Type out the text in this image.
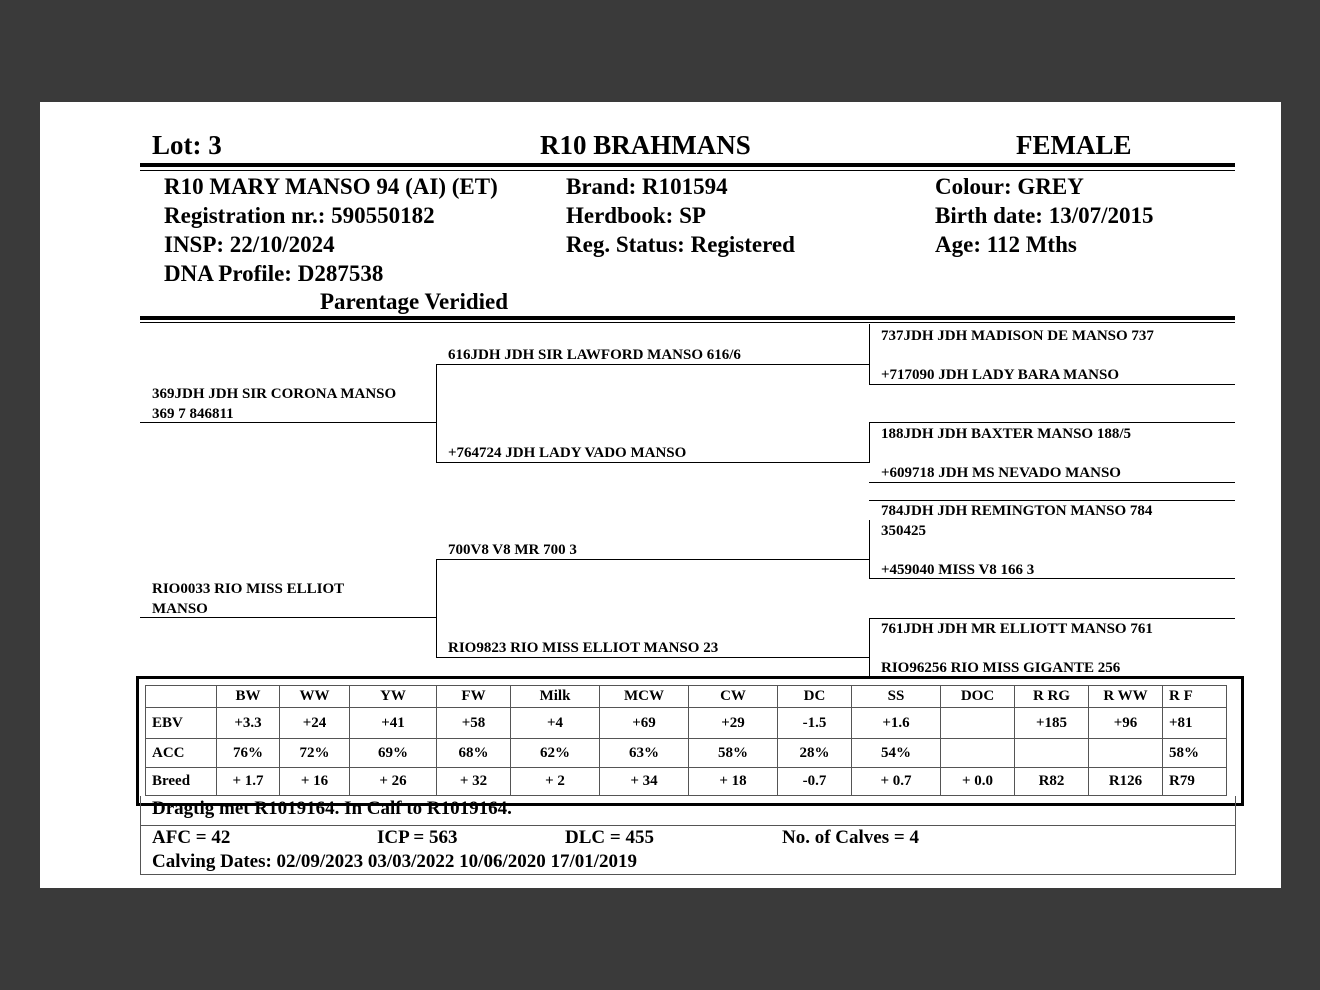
Lot: 3	R10 BRAHMANS	FEMALE
R10 MARY MANSO 94 (AI) (ET)
Registration nr.: 590550182
INSP: 22/10/2024
DNA Profile: D287538
Parentage Veridied
Brand: R101594
Herdbook: SP
Reg. Status: Registered
Colour: GREY
Birth date: 13/07/2015
Age: 112 Mths
369JDH JDH SIR CORONA MANSO
369 7 846811
RIO0033 RIO MISS ELLIOT
MANSO
616JDH JDH SIR LAWFORD MANSO 616/6
+764724 JDH LADY VADO MANSO
700V8 V8 MR 700 3
RIO9823 RIO MISS ELLIOT MANSO 23
737JDH JDH MADISON DE MANSO 737
+717090 JDH LADY BARA MANSO
188JDH JDH BAXTER MANSO 188/5
+609718 JDH MS NEVADO MANSO
784JDH JDH REMINGTON MANSO 784
350425
+459040 MISS V8 166 3
761JDH JDH MR ELLIOTT MANSO 761
RIO96256 RIO MISS GIGANTE 256
	BW	WW	YW	FW	Milk	MCW	CW	DC	SS	DOC	R RG	R WW	R F
EBV	+3.3	+24	+41	+58	+4	+69	+29	-1.5	+1.6		+185	+96	+81
ACC	76%	72%	69%	68%	62%	63%	58%	28%	54%				58%
Breed	+ 1.7	+ 16	+ 26	+ 32	+ 2	+ 34	+ 18	-0.7	+ 0.7	+ 0.0	R82	R126	R79
Dragtig met R1019164. In Calf to R1019164.
AFC = 42	ICP = 563	DLC = 455	No. of Calves = 4
Calving Dates: 02/09/2023 03/03/2022 10/06/2020 17/01/2019
